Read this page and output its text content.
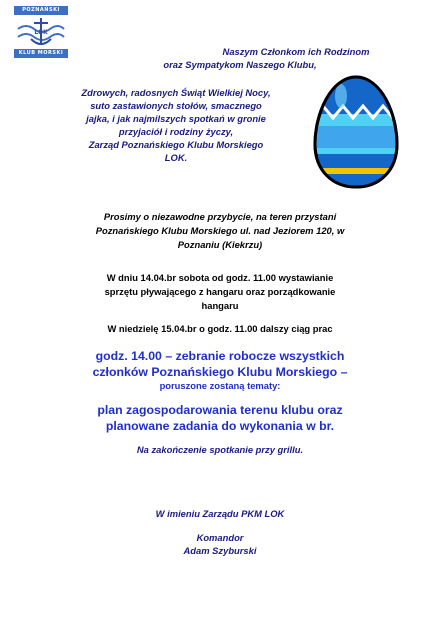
POZNAŃSKI
LOK
KLUB MORSKI	Naszym Członkom ich Rodzinom
oraz Sympatykom Naszego Klubu,
Zdrowych, radosnych Świąt Wielkiej Nocy,
suto zastawionych stołów, smacznego
jajka, i jak najmilszych spotkań w gronie
przyjaciół i rodziny życzy,
Zarząd Poznańskiego Klubu Morskiego
LOK.
Prosimy o niezawodne przybycie, na teren przystani
Poznańskiego Klubu Morskiego ul. nad Jeziorem 120, w
Poznaniu (Kiekrzu)
W dniu 14.04.br sobota od godz. 11.00 wystawianie
sprzętu pływającego z hangaru oraz porządkowanie
hangaru
W niedzielę 15.04.br o godz. 11.00 dalszy ciąg prac
godz. 14.00 – zebranie robocze wszystkich
członków Poznańskiego Klubu Morskiego –
poruszone zostaną tematy:
plan zagospodarowania terenu klubu oraz
planowane zadania do wykonania w br.
Na zakończenie spotkanie przy grillu.
W imieniu Zarządu PKM LOK
Komandor
Adam Szyburski
